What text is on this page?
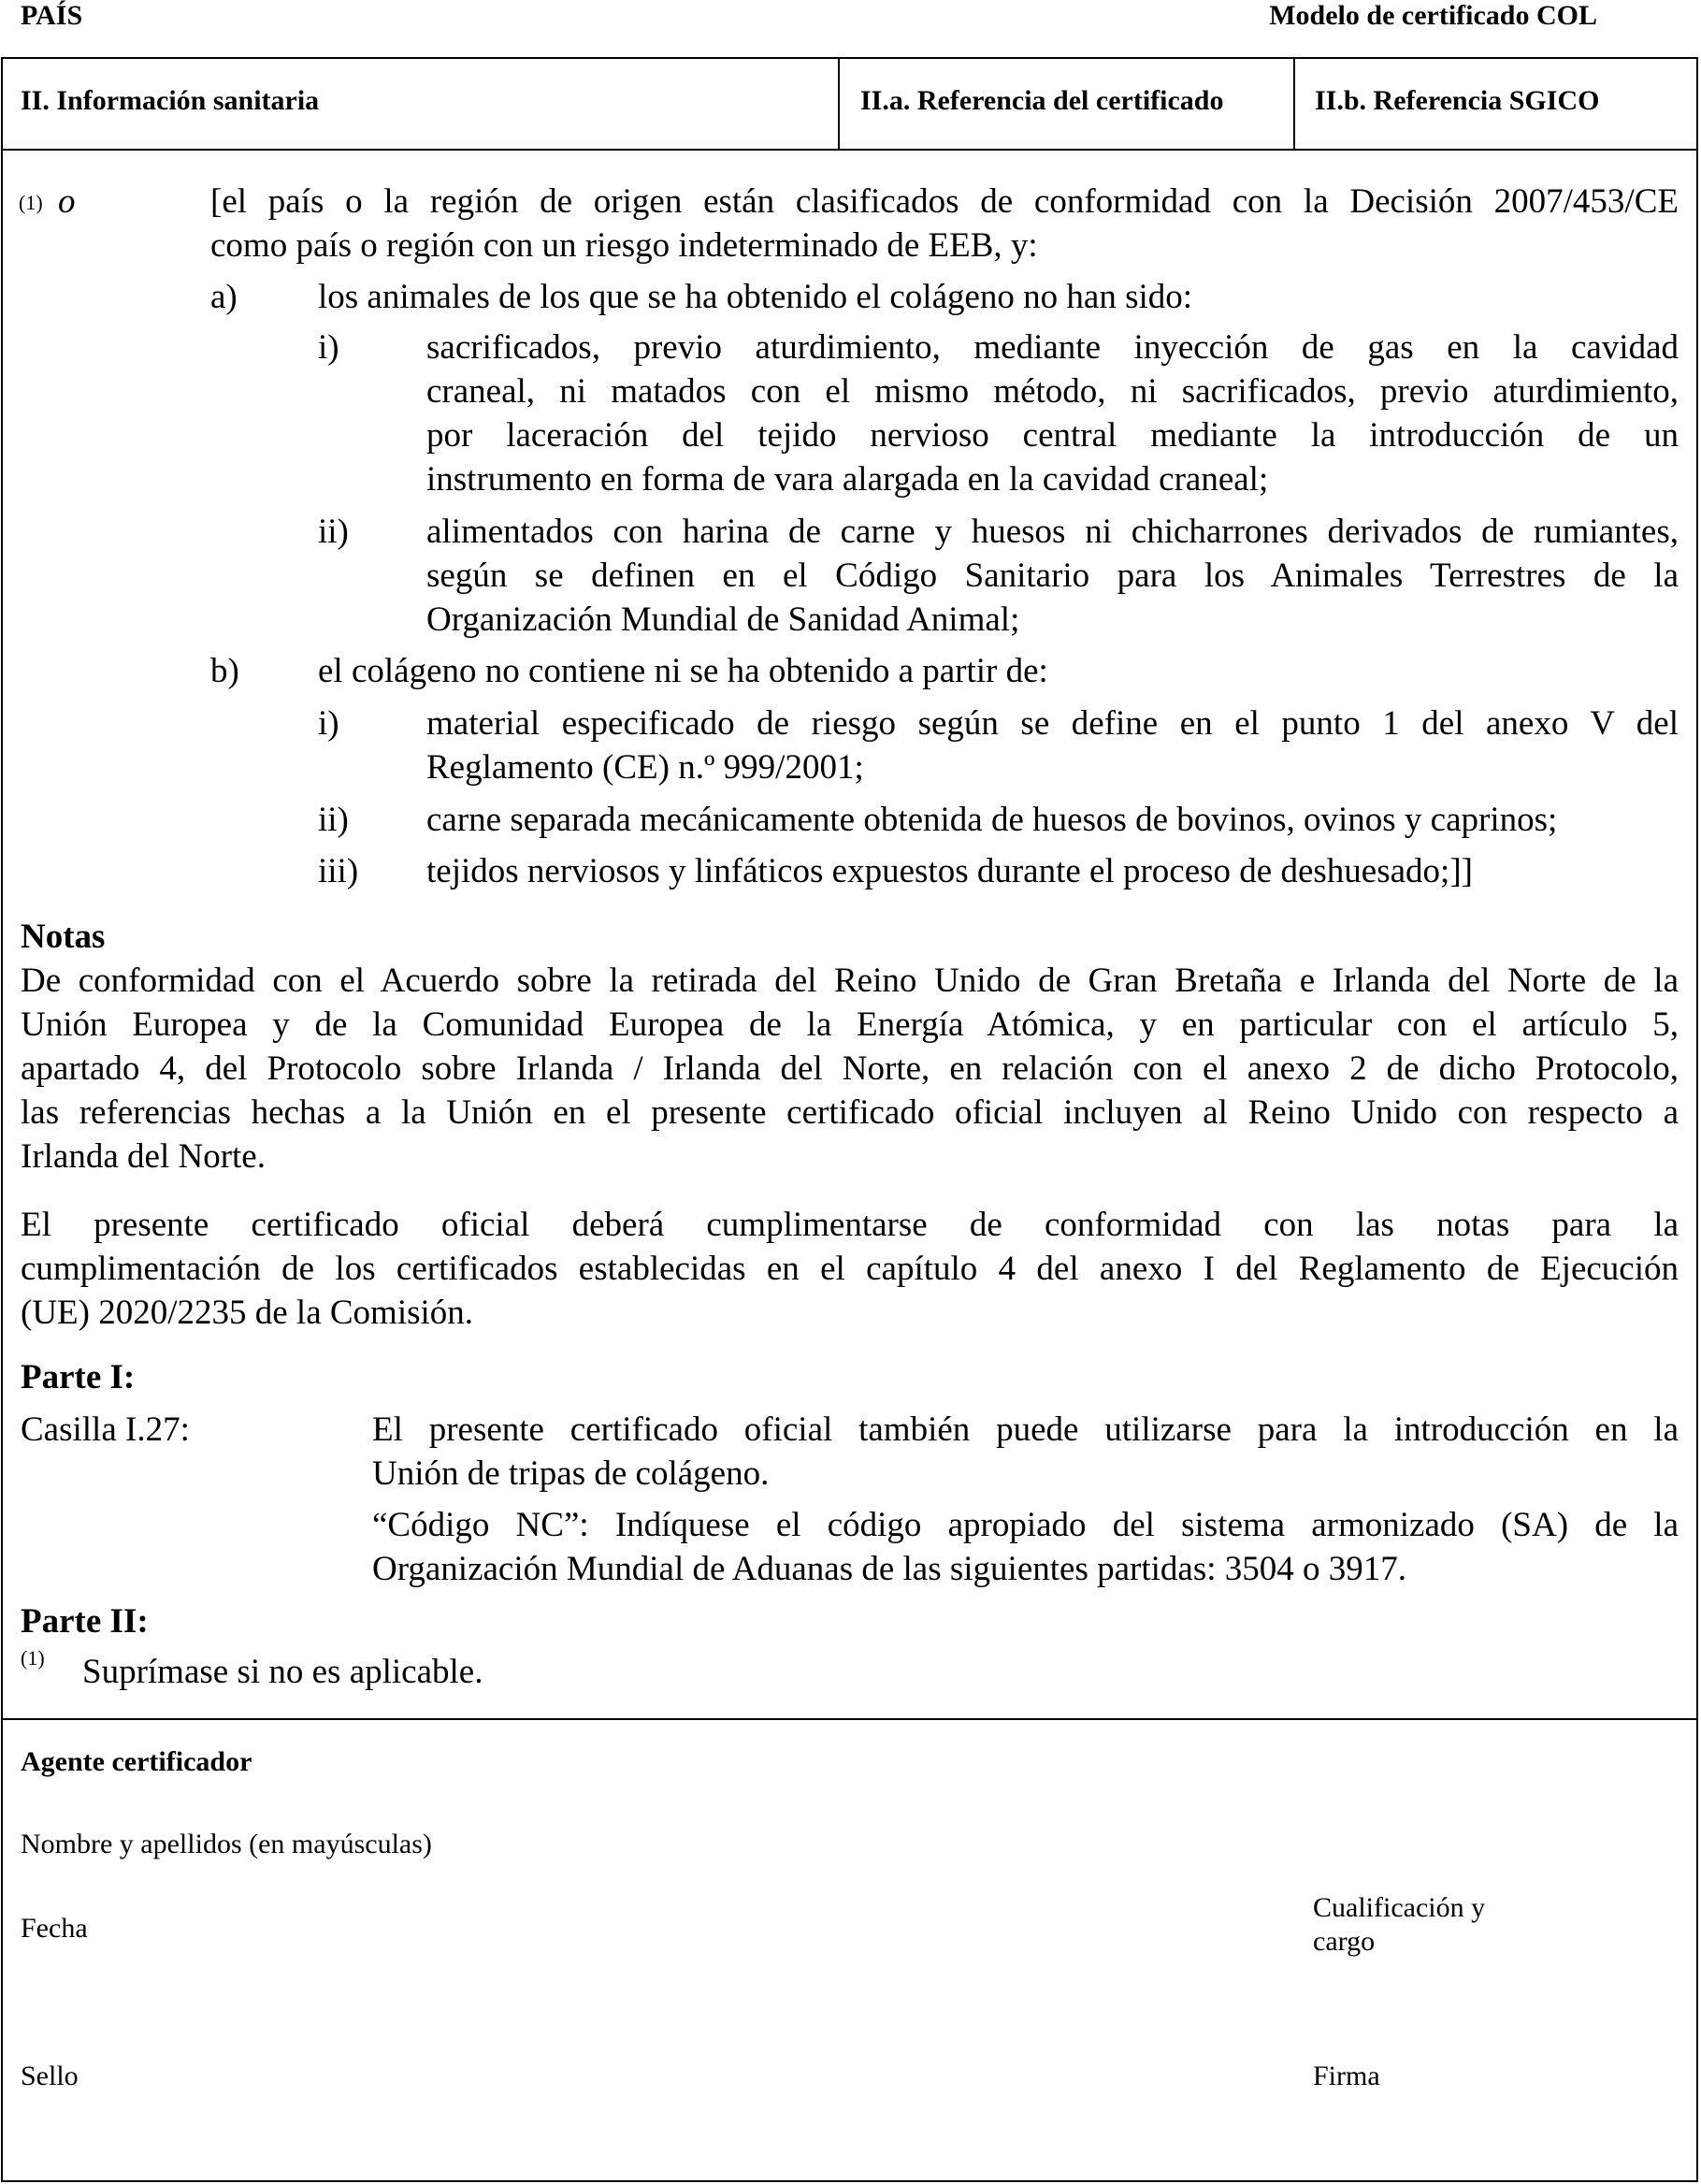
PAÍS	Modelo de certificado COL
II. Información sanitaria	II.a. Referencia del certificado	II.b. Referencia SGICO
(1) o	[el país o la región de origen están clasificados de conformidad con la Decisión 2007/453/CE
como país o región con un riesgo indeterminado de EEB, y:
a) los animales de los que se ha obtenido el colágeno no han sido:
i)	sacrificados, previo aturdimiento, mediante inyección de gas en la cavidad
craneal, ni matados con el mismo método, ni sacrificados, previo aturdimiento,
por laceración del tejido nervioso central mediante la introducción de un
instrumento en forma de vara alargada en la cavidad craneal;
ii) alimentados con harina de carne y huesos ni chicharrones derivados de rumiantes,
según se definen en el Código Sanitario para los Animales Terrestres de la
Organización Mundial de Sanidad Animal;
b) el colágeno no contiene ni se ha obtenido a partir de:
i)	material especificado de riesgo según se define en el punto 1 del anexo V del
Reglamento (CE) n.º 999/2001;
ii) carne separada mecánicamente obtenida de huesos de bovinos, ovinos y caprinos;
iii) tejidos nerviosos y linfáticos expuestos durante el proceso de deshuesado;]]
Notas
De conformidad con el Acuerdo sobre la retirada del Reino Unido de Gran Bretaña e Irlanda del Norte de la
Unión Europea y de la Comunidad Europea de la Energía Atómica, y en particular con el artículo 5,
apartado 4, del Protocolo sobre Irlanda / Irlanda del Norte, en relación con el anexo 2 de dicho Protocolo,
las referencias hechas a la Unión en el presente certificado oficial incluyen al Reino Unido con respecto a
Irlanda del Norte.
El presente certificado oficial deberá cumplimentarse de conformidad con las notas para la
cumplimentación de los certificados establecidas en el capítulo 4 del anexo I del Reglamento de Ejecución
(UE) 2020/2235 de la Comisión.
Parte I:
Casilla I.27:	El presente certificado oficial también puede utilizarse para la introducción en la
Unión de tripas de colágeno.
“Código NC”: Indíquese el código apropiado del sistema armonizado (SA) de la
Organización Mundial de Aduanas de las siguientes partidas: 3504 o 3917.
Parte II:
(1) Suprímase si no es aplicable.
Agente certificador
Nombre y apellidos (en mayúsculas)
Fecha
Cualificación y
cargo
Sello	Firma
